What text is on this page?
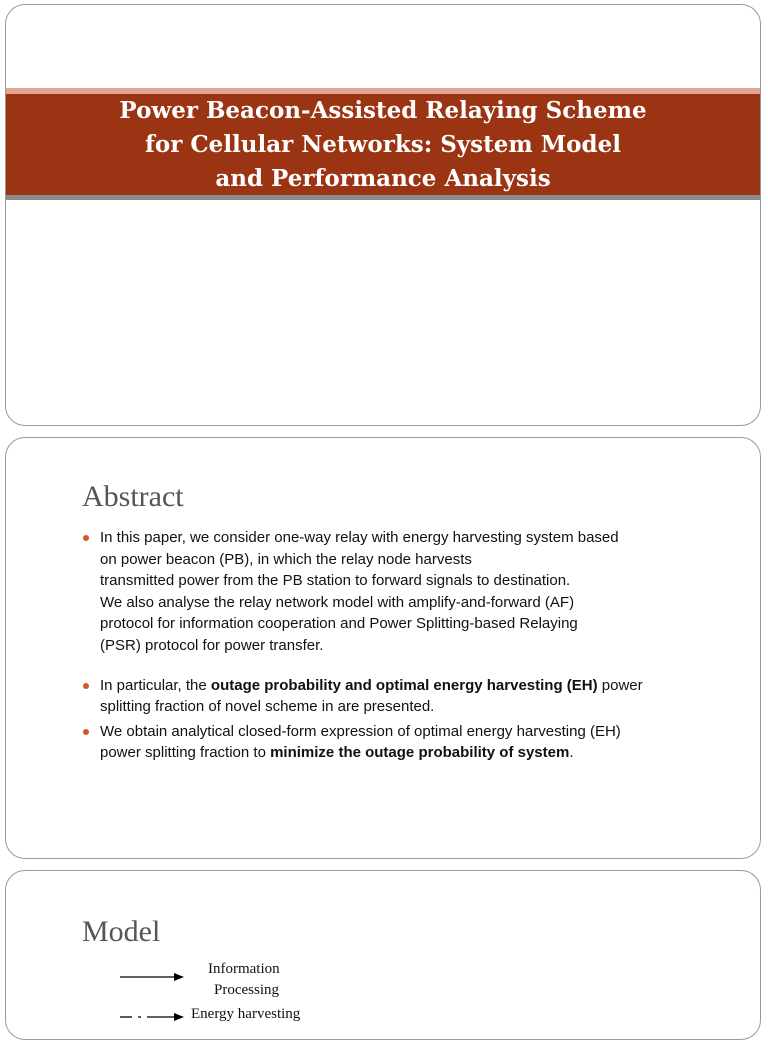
Power Beacon-Assisted Relaying Scheme
for Cellular Networks: System Model
and Performance Analysis
Abstract
In this paper, we consider one-way relay with energy harvesting system based
on power beacon (PB), in which the relay node harvests
transmitted power from the PB station to forward signals to destination.
We also analyse the relay network model with amplify-and-forward (AF)
protocol for information cooperation and Power Splitting-based Relaying
(PSR) protocol for power transfer.
In particular, the outage probability and optimal energy harvesting (EH) power
splitting fraction of novel scheme in are presented.
We obtain analytical closed-form expression of optimal energy harvesting (EH)
power splitting fraction to minimize the outage probability of system.
Model
Information
Processing
Energy harvesting
